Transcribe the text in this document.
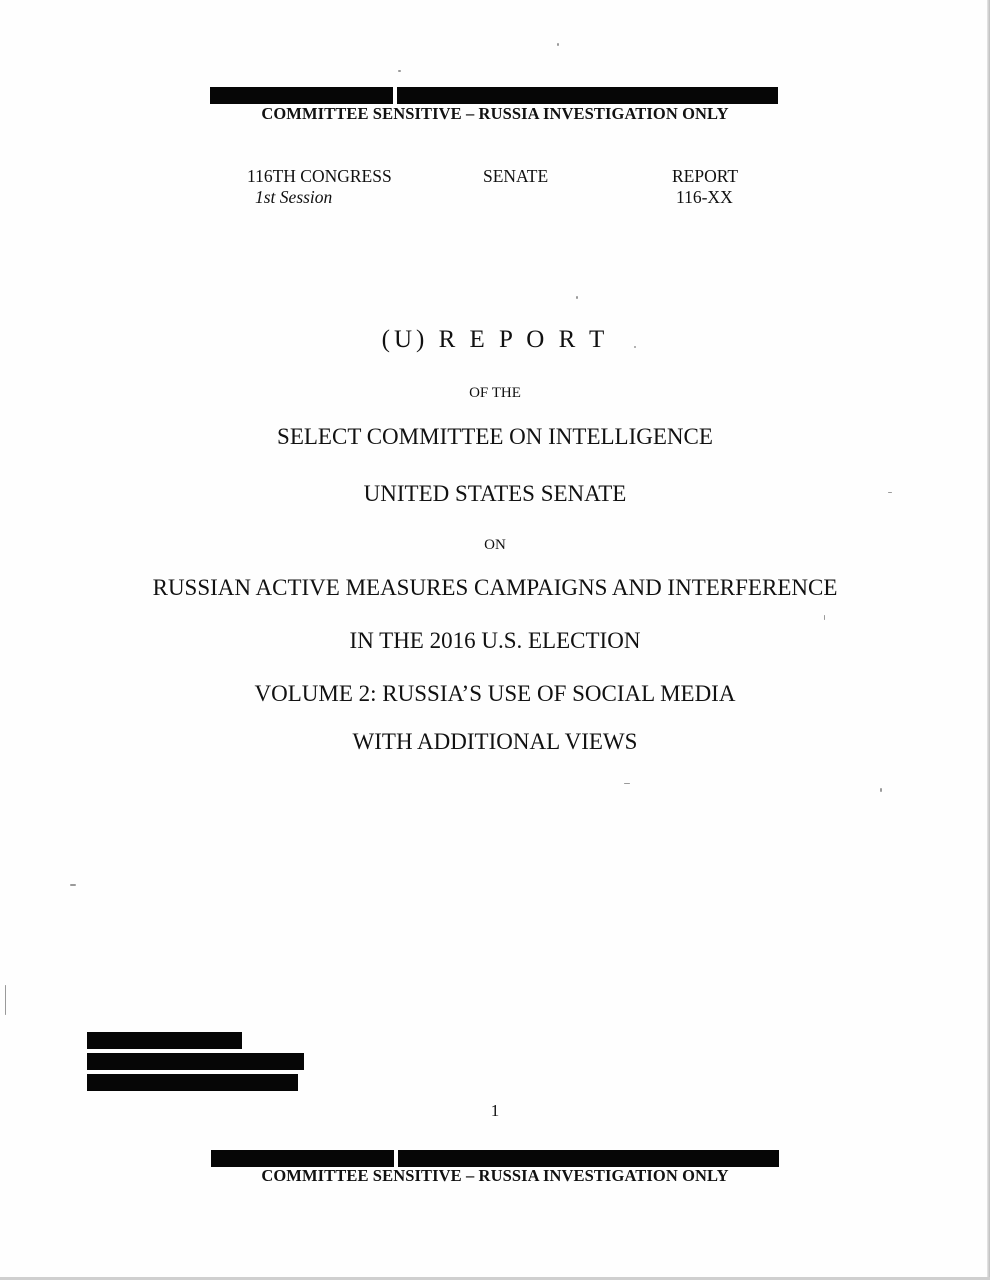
COMMITTEE SENSITIVE – RUSSIA INVESTIGATION ONLY
116TH CONGRESS
1st Session
SENATE	REPORT
116-XX
(U) R E P O R T
OF THE
SELECT COMMITTEE ON INTELLIGENCE
UNITED STATES SENATE
ON
RUSSIAN ACTIVE MEASURES CAMPAIGNS AND INTERFERENCE
IN THE 2016 U.S. ELECTION
VOLUME 2: RUSSIA’S USE OF SOCIAL MEDIA
WITH ADDITIONAL VIEWS
1
COMMITTEE SENSITIVE – RUSSIA INVESTIGATION ONLY
